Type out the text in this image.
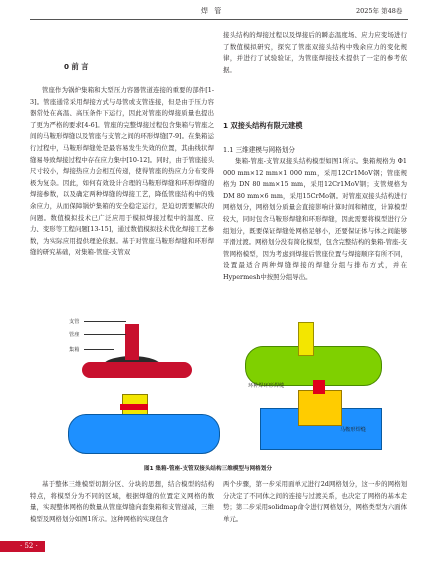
焊 管	2025年 第48卷
0 前 言

管座作为锅炉集箱和大型压力容器管道连接的重要的部件[1-3]。管座通常采用焊接方式与母管或支管连接，但是由于压力容器常处在高温、高压条件下运行，因此对管座的焊接质量也提出了更为严格的要求[4-6]。管座的完整焊接过程包含集箱与管座之间的马鞍形焊缝以及管座与支管之间的环形焊缝[7-9]。在集箱运行过程中，马鞍形焊缝处是最容易发生失效的位置，其曲线状焊缝易导致焊接过程中存在应力集中[10-12]。同时，由于管座接头尺寸较小，焊接热应力会相互传递，使得管座的热应力分布变得极为复杂。因此，如何有效设计合理的马鞍形焊缝和环形焊缝的焊接参数，以及确定两种焊缝的焊接工艺，降低管座结构中的残余应力，从而保障锅炉集箱的安全稳定运行，是迫切需要解决的问题。数值模拟技术已广泛应用于模拟焊接过程中的温度、应力、变形等工程问题[13-15]，通过数值模拟技术优化焊接工艺参数，为实际应用提供理论依据。基于对管座马鞍形焊缝和环形焊缝的研究基础，对集箱-管座-支管双

接头结构的焊接过程以及焊接后的瞬态温度场、应力应变场进行了数值模拟研究，探究了管座双接头结构中残余应力的变化规律，并进行了试验验证，为管座焊接技术提供了一定的参考依据。

1 双接头结构有限元建模
1.1 三维建模与网格划分

集箱-管座-支管双接头结构模型如图1所示。集箱规格为 Φ1 000 mm×12 mm×1 000 mm，采用12Cr1MoV钢；管座规格为 DN 80 mm×15 mm，采用12Cr1MoV钢；支管规格为 DM 80 mm×6 mm，采用15CrMo钢。对管座双接头结构进行网格划分，网格划分质量会直接影响计算时间和精度，计算模型较大，同时包含马鞍形焊缝和环形焊缝，因此需要将模型进行分组划分，既要保证焊缝处网格足够小，还要保证体与体之间能够平滑过渡。网格划分没有简化模型，包含完整结构的集箱-管座-支管网格模型，因为考虑到焊接后管座位置与焊接顺序有所不同，设置最适合两种焊缝焊接的焊缝分组与排布方式，并在Hypermesh中按照分组导出。

支管
管座
集箱
环种焊环形焊缝
马鞍形焊缝
图1 集箱-管座-支管双接头结构三维模型与网格划分

基于整体三维模型切割分区、分块的思想，结合模型的结构特点，将模型分为不同的区域，根据焊缝的位置定义网格的数量，实现整体网格的数量从管座焊缝向套集箱和支管递减，三维模型及网格划分如图1所示。这种网格的实现包含

两个步骤，第一步采用面单元进行2d网格划分，这一步的网格划分决定了不同体之间的连接与过渡关系，也决定了网格的基本走势；第二步采用solidmap命令进行网格划分，网格类型为六面体单元。

· 52 ·
